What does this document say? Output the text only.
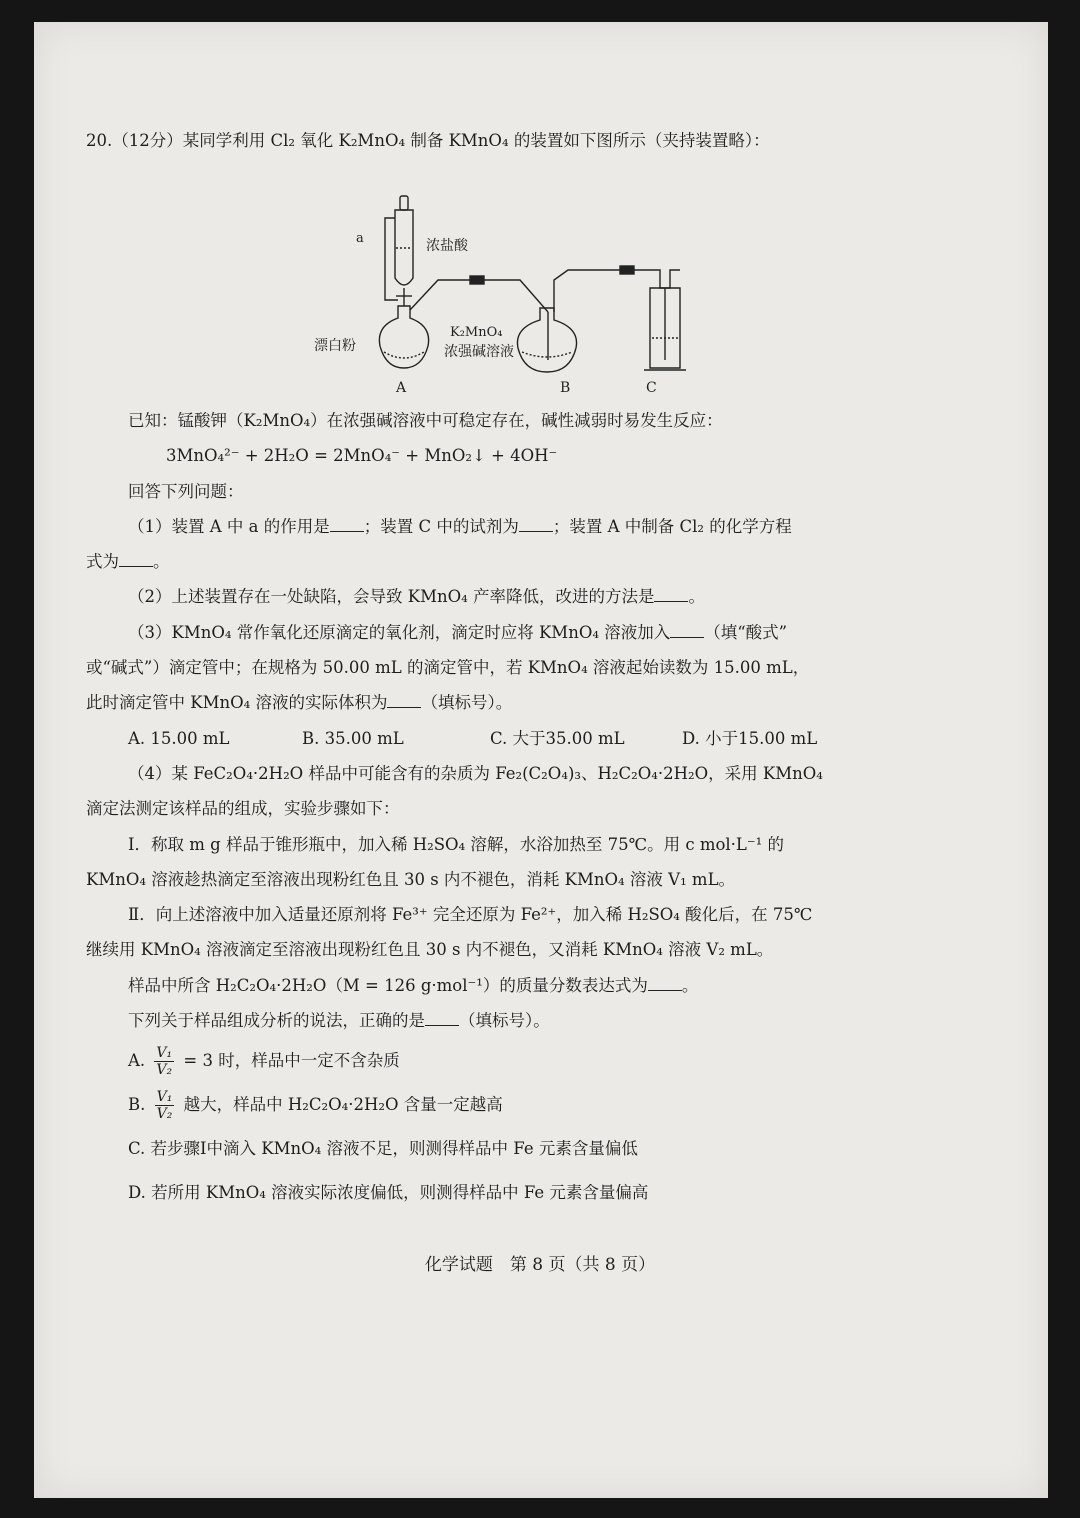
20.（12分）某同学利用 Cl₂ 氧化 K₂MnO₄ 制备 KMnO₄ 的装置如下图所示（夹持装置略）：
a	浓盐酸
漂白粉
K₂MnO₄
浓强碱溶液
A	B	C
已知：锰酸钾（K₂MnO₄）在浓强碱溶液中可稳定存在，碱性减弱时易发生反应：
3MnO₄²⁻ + 2H₂O = 2MnO₄⁻ + MnO₂↓ + 4OH⁻
回答下列问题：
（1）装置 A 中 a 的作用是 ；装置 C 中的试剂为 ；装置 A 中制备 Cl₂ 的化学方程
式为 。
（2）上述装置存在一处缺陷，会导致 KMnO₄ 产率降低，改进的方法是 。
（3）KMnO₄ 常作氧化还原滴定的氧化剂，滴定时应将 KMnO₄ 溶液加入 （填“酸式”
或“碱式”）滴定管中；在规格为 50.00 mL 的滴定管中，若 KMnO₄ 溶液起始读数为 15.00 mL，
此时滴定管中 KMnO₄ 溶液的实际体积为 （填标号）。
A. 15.00 mL	B. 35.00 mL	C. 大于35.00 mL	D. 小于15.00 mL
（4）某 FeC₂O₄·2H₂O 样品中可能含有的杂质为 Fe₂(C₂O₄)₃、H₂C₂O₄·2H₂O，采用 KMnO₄
滴定法测定该样品的组成，实验步骤如下：
Ⅰ．称取 m g 样品于锥形瓶中，加入稀 H₂SO₄ 溶解，水浴加热至 75℃。用 c mol·L⁻¹ 的
KMnO₄ 溶液趁热滴定至溶液出现粉红色且 30 s 内不褪色，消耗 KMnO₄ 溶液 V₁ mL。
Ⅱ．向上述溶液中加入适量还原剂将 Fe³⁺ 完全还原为 Fe²⁺，加入稀 H₂SO₄ 酸化后，在 75℃
继续用 KMnO₄ 溶液滴定至溶液出现粉红色且 30 s 内不褪色，又消耗 KMnO₄ 溶液 V₂ mL。
样品中所含 H₂C₂O₄·2H₂O（M = 126 g·mol⁻¹）的质量分数表达式为 。
下列关于样品组成分析的说法，正确的是 （填标号）。
A. $\frac{\text{V₁}}{\text{V₂}} = 3$ 时，样品中一定不含杂质
B. $\frac{\text{V₁}}{\text{V₂}}$ 越大，样品中 H₂C₂O₄·2H₂O 含量一定越高
C. 若步骤Ⅰ中滴入 KMnO₄ 溶液不足，则测得样品中 Fe 元素含量偏低
D. 若所用 KMnO₄ 溶液实际浓度偏低，则测得样品中 Fe 元素含量偏高
化学试题　第 8 页（共 8 页）
